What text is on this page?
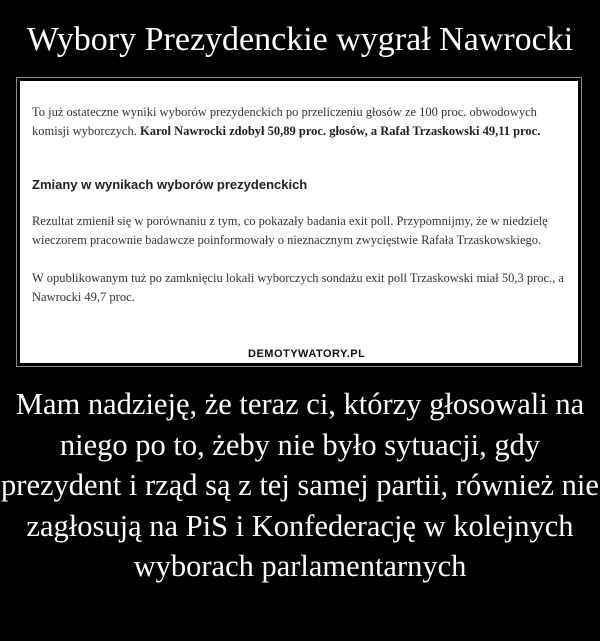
Wybory Prezydenckie wygrał Nawrocki

To już ostateczne wyniki wyborów prezydenckich po przeliczeniu głosów ze 100 proc. obwodowych komisji wyborczych. Karol Nawrocki zdobył 50,89 proc. głosów, a Rafał Trzaskowski 49,11 proc.

Zmiany w wynikach wyborów prezydenckich

Rezultat zmienił się w porównaniu z tym, co pokazały badania exit poll. Przypomnijmy, że w niedzielę wieczorem pracownie badawcze poinformowały o nieznacznym zwycięstwie Rafała Trzaskowskiego.

W opublikowanym tuż po zamknięciu lokali wyborczych sondażu exit poll Trzaskowski miał 50,3 proc., a Nawrocki 49,7 proc.

DEMOTYWATORY.PL

Mam nadzieję, że teraz ci, którzy głosowali na niego po to, żeby nie było sytuacji, gdy prezydent i rząd są z tej samej partii, również nie zagłosują na PiS i Konfederację w kolejnych wyborach parlamentarnych
